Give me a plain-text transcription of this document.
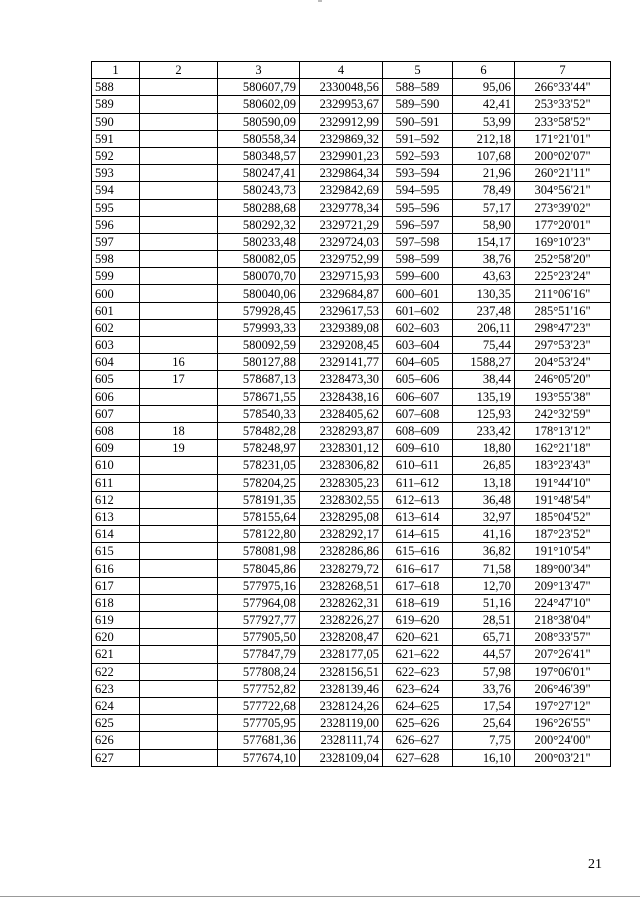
1	2	3	4	5	6	7
588		580607,79	2330048,56	588–589	95,06	266°33'44"
589		580602,09	2329953,67	589–590	42,41	253°33'52"
590		580590,09	2329912,99	590–591	53,99	233°58'52"
591		580558,34	2329869,32	591–592	212,18	171°21'01"
592		580348,57	2329901,23	592–593	107,68	200°02'07"
593		580247,41	2329864,34	593–594	21,96	260°21'11"
594		580243,73	2329842,69	594–595	78,49	304°56'21"
595		580288,68	2329778,34	595–596	57,17	273°39'02"
596		580292,32	2329721,29	596–597	58,90	177°20'01"
597		580233,48	2329724,03	597–598	154,17	169°10'23"
598		580082,05	2329752,99	598–599	38,76	252°58'20"
599		580070,70	2329715,93	599–600	43,63	225°23'24"
600		580040,06	2329684,87	600–601	130,35	211°06'16"
601		579928,45	2329617,53	601–602	237,48	285°51'16"
602		579993,33	2329389,08	602–603	206,11	298°47'23"
603		580092,59	2329208,45	603–604	75,44	297°53'23"
604	16	580127,88	2329141,77	604–605	1588,27	204°53'24"
605	17	578687,13	2328473,30	605–606	38,44	246°05'20"
606		578671,55	2328438,16	606–607	135,19	193°55'38"
607		578540,33	2328405,62	607–608	125,93	242°32'59"
608	18	578482,28	2328293,87	608–609	233,42	178°13'12"
609	19	578248,97	2328301,12	609–610	18,80	162°21'18"
610		578231,05	2328306,82	610–611	26,85	183°23'43"
611		578204,25	2328305,23	611–612	13,18	191°44'10"
612		578191,35	2328302,55	612–613	36,48	191°48'54"
613		578155,64	2328295,08	613–614	32,97	185°04'52"
614		578122,80	2328292,17	614–615	41,16	187°23'52"
615		578081,98	2328286,86	615–616	36,82	191°10'54"
616		578045,86	2328279,72	616–617	71,58	189°00'34"
617		577975,16	2328268,51	617–618	12,70	209°13'47"
618		577964,08	2328262,31	618–619	51,16	224°47'10"
619		577927,77	2328226,27	619–620	28,51	218°38'04"
620		577905,50	2328208,47	620–621	65,71	208°33'57"
621		577847,79	2328177,05	621–622	44,57	207°26'41"
622		577808,24	2328156,51	622–623	57,98	197°06'01"
623		577752,82	2328139,46	623–624	33,76	206°46'39"
624		577722,68	2328124,26	624–625	17,54	197°27'12"
625		577705,95	2328119,00	625–626	25,64	196°26'55"
626		577681,36	2328111,74	626–627	7,75	200°24'00"
627		577674,10	2328109,04	627–628	16,10	200°03'21"
21
